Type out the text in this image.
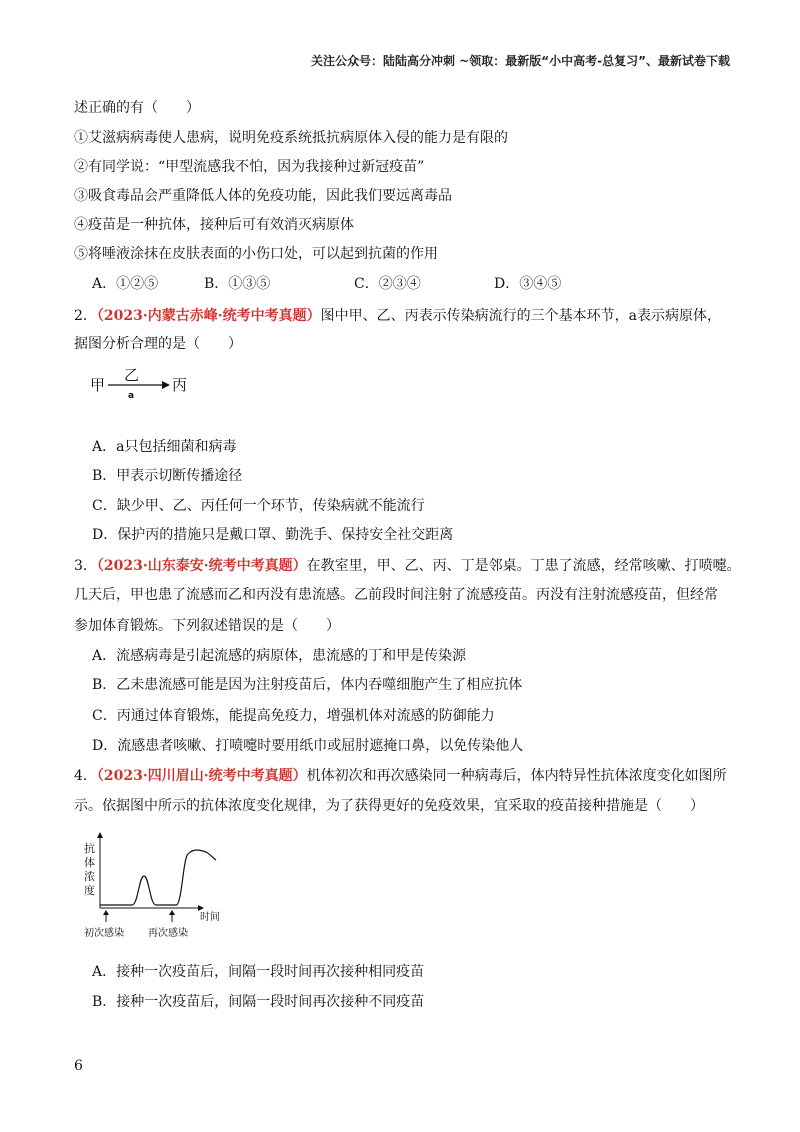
关注公众号：陆陆高分冲刺 ~领取：最新版“小中高考-总复习”、最新试卷下载
述正确的有（　　）
①艾滋病病毒使人患病，说明免疫系统抵抗病原体入侵的能力是有限的
②有同学说：“甲型流感我不怕，因为我接种过新冠疫苗”
③吸食毒品会严重降低人体的免疫功能，因此我们要远离毒品
④疫苗是一种抗体，接种后可有效消灭病原体
⑤将唾液涂抹在皮肤表面的小伤口处，可以起到抗菌的作用
A．①②⑤	B．①③⑤	C．②③④	D．③④⑤
2．（2023·内蒙古赤峰·统考中考真题）图中甲、乙、丙表示传染病流行的三个基本环节，a表示病原体，
据图分析合理的是（　　）
甲
乙
a
丙
A．a只包括细菌和病毒
B．甲表示切断传播途径
C．缺少甲、乙、丙任何一个环节，传染病就不能流行
D．保护丙的措施只是戴口罩、勤洗手、保持安全社交距离
3．（2023·山东泰安·统考中考真题）在教室里，甲、乙、丙、丁是邻桌。丁患了流感，经常咳嗽、打喷嚏。
几天后，甲也患了流感而乙和丙没有患流感。乙前段时间注射了流感疫苗。丙没有注射流感疫苗，但经常
参加体育锻炼。下列叙述错误的是（　　）
A．流感病毒是引起流感的病原体，患流感的丁和甲是传染源
B．乙未患流感可能是因为注射疫苗后，体内吞噬细胞产生了相应抗体
C．丙通过体育锻炼，能提高免疫力，增强机体对流感的防御能力
D．流感患者咳嗽、打喷嚏时要用纸巾或屈肘遮掩口鼻，以免传染他人
4．（2023·四川眉山·统考中考真题）机体初次和再次感染同一种病毒后，体内特异性抗体浓度变化如图所
示。依据图中所示的抗体浓度变化规律，为了获得更好的免疫效果，宜采取的疫苗接种措施是（　　）
抗
体
浓
度
时间
初次感染 再次感染
A．接种一次疫苗后，间隔一段时间再次接种相同疫苗
B．接种一次疫苗后，间隔一段时间再次接种不同疫苗
6
